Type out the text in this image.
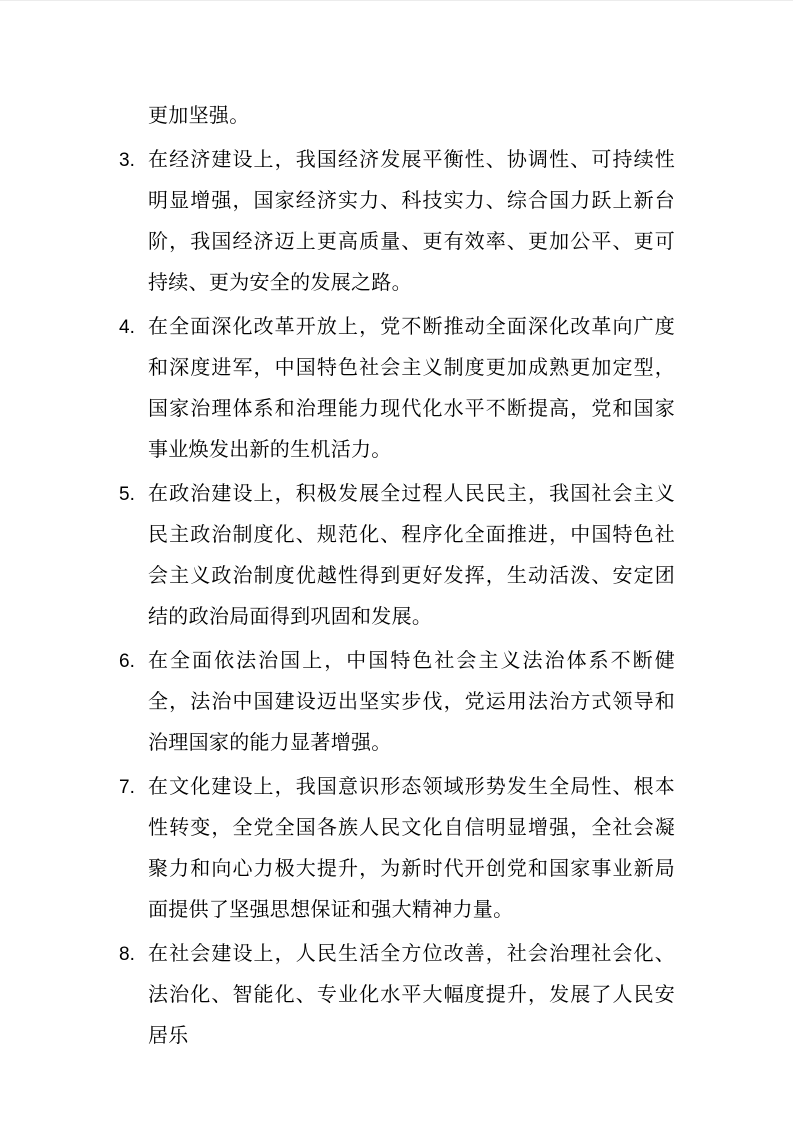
更加坚强。

3. 在经济建设上，我国经济发展平衡性、协调性、可持续性明显增强，国家经济实力、科技实力、综合国力跃上新台阶，我国经济迈上更高质量、更有效率、更加公平、更可持续、更为安全的发展之路。
4. 在全面深化改革开放上，党不断推动全面深化改革向广度和深度进军，中国特色社会主义制度更加成熟更加定型，国家治理体系和治理能力现代化水平不断提高，党和国家事业焕发出新的生机活力。
5. 在政治建设上，积极发展全过程人民民主，我国社会主义民主政治制度化、规范化、程序化全面推进，中国特色社会主义政治制度优越性得到更好发挥，生动活泼、安定团结的政治局面得到巩固和发展。
6. 在全面依法治国上，中国特色社会主义法治体系不断健全，法治中国建设迈出坚实步伐，党运用法治方式领导和治理国家的能力显著增强。
7. 在文化建设上，我国意识形态领域形势发生全局性、根本性转变，全党全国各族人民文化自信明显增强，全社会凝聚力和向心力极大提升，为新时代开创党和国家事业新局面提供了坚强思想保证和强大精神力量。
8. 在社会建设上，人民生活全方位改善，社会治理社会化、法治化、智能化、专业化水平大幅度提升，发展了人民安居乐
